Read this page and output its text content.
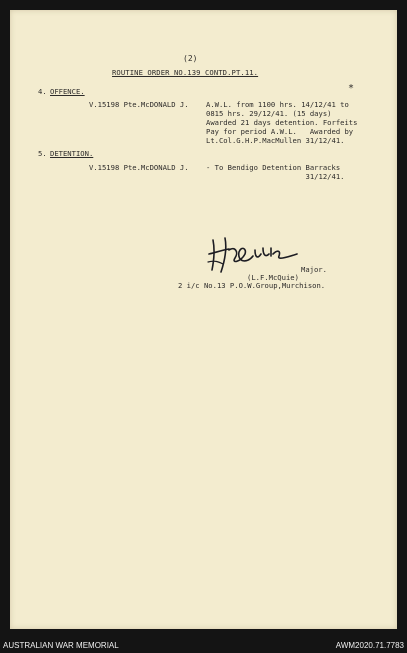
(2)
ROUTINE ORDER NO.139 CONTD.PT.11.
4. OFFENCE.
V.15198 Pte.McDONALD J. A.W.L. from 1100 hrs. 14/12/41 to
0815 hrs. 29/12/41. (15 days)
Awarded 21 days detention. Forfeits
Pay for period A.W.L.   Awarded by
Lt.Col.G.H.P.MacMullen 31/12/41.
*
5. DETENTION.
V.15198 Pte.McDONALD J. - To Bendigo Detention Barracks
31/12/41.
Major.
(L.F.McQuie)
2 i/c No.13 P.O.W.Group,Murchison.
AUSTRALIAN WAR MEMORIAL	AWM2020.71.7783
